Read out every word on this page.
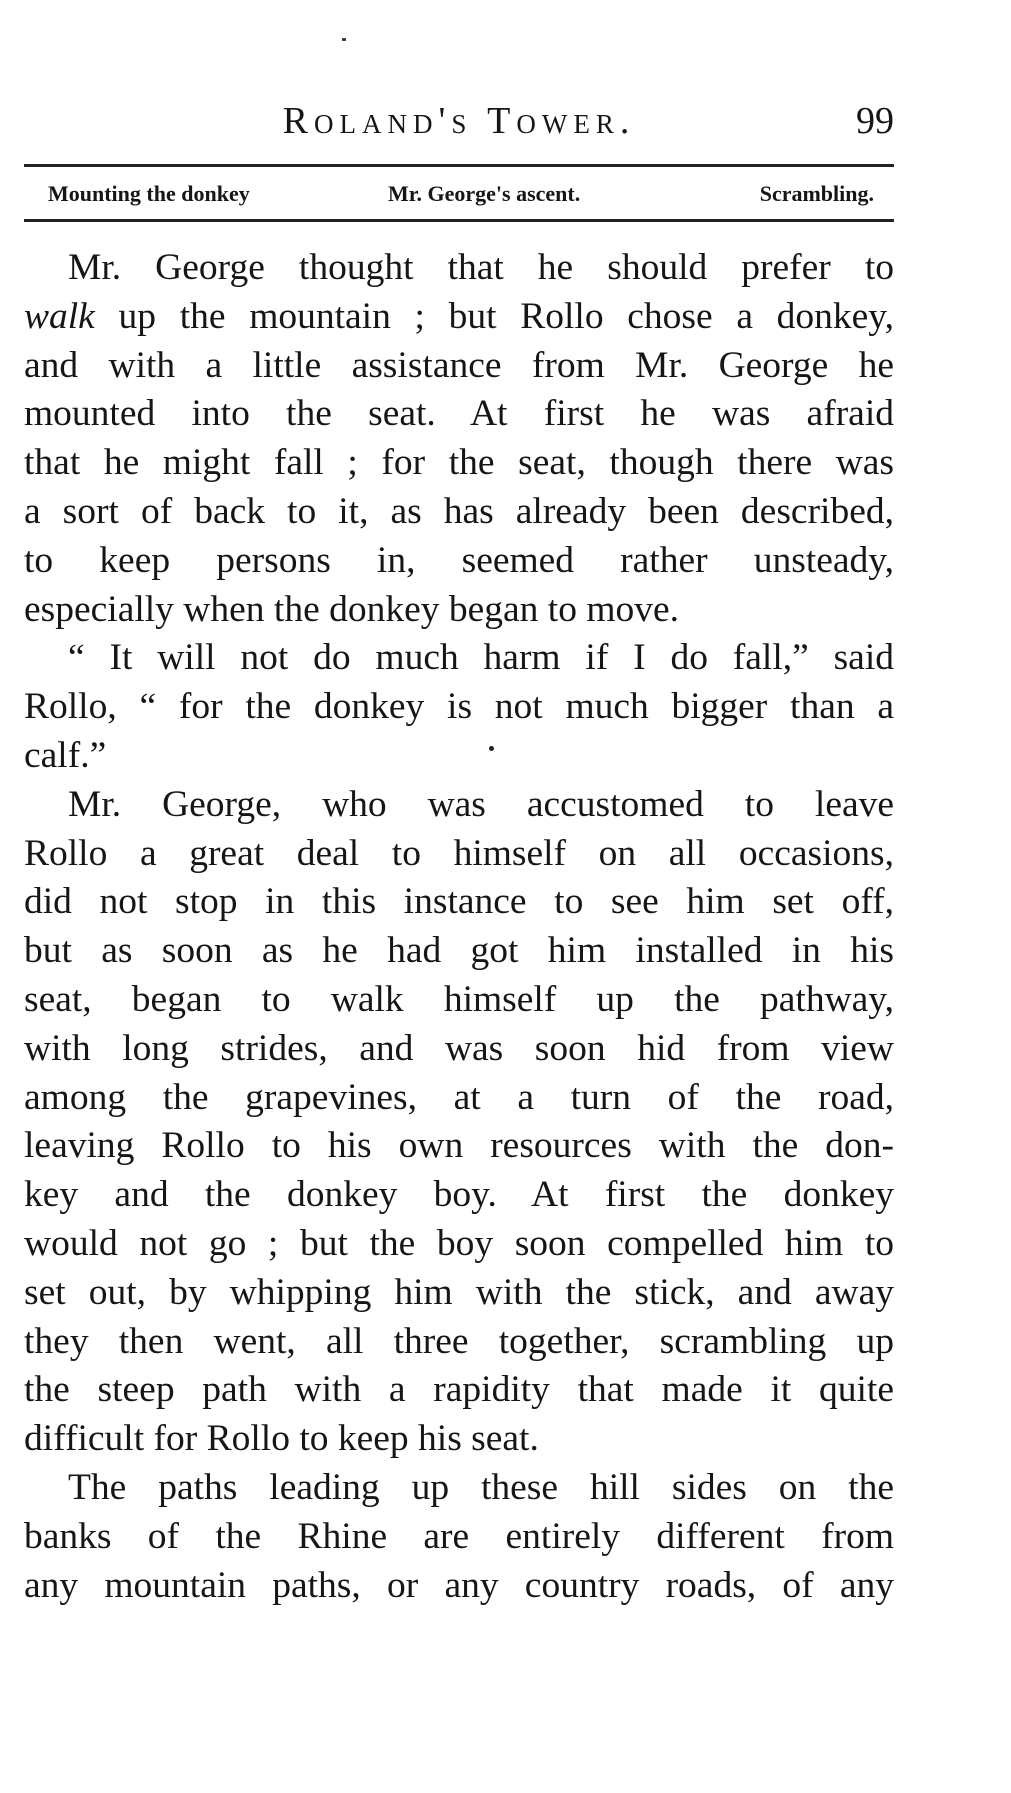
Roland's Tower.	99
Mounting the donkey	Mr. George's ascent.	Scrambling.
Mr. George thought that he should prefer to
walk up the mountain ; but Rollo chose a donkey,
and with a little assistance from Mr. George he
mounted into the seat. At first he was afraid
that he might fall ; for the seat, though there was
a sort of back to it, as has already been described,
to keep persons in, seemed rather unsteady,
especially when the donkey began to move.
“ It will not do much harm if I do fall,” said
Rollo, “ for the donkey is not much bigger than a
calf.”
Mr. George, who was accustomed to leave
Rollo a great deal to himself on all occasions,
did not stop in this instance to see him set off,
but as soon as he had got him installed in his
seat, began to walk himself up the pathway,
with long strides, and was soon hid from view
among the grapevines, at a turn of the road,
leaving Rollo to his own resources with the don-
key and the donkey boy. At first the donkey
would not go ; but the boy soon compelled him to
set out, by whipping him with the stick, and away
they then went, all three together, scrambling up
the steep path with a rapidity that made it quite
difficult for Rollo to keep his seat.
The paths leading up these hill sides on the
banks of the Rhine are entirely different from
any mountain paths, or any country roads, of any
